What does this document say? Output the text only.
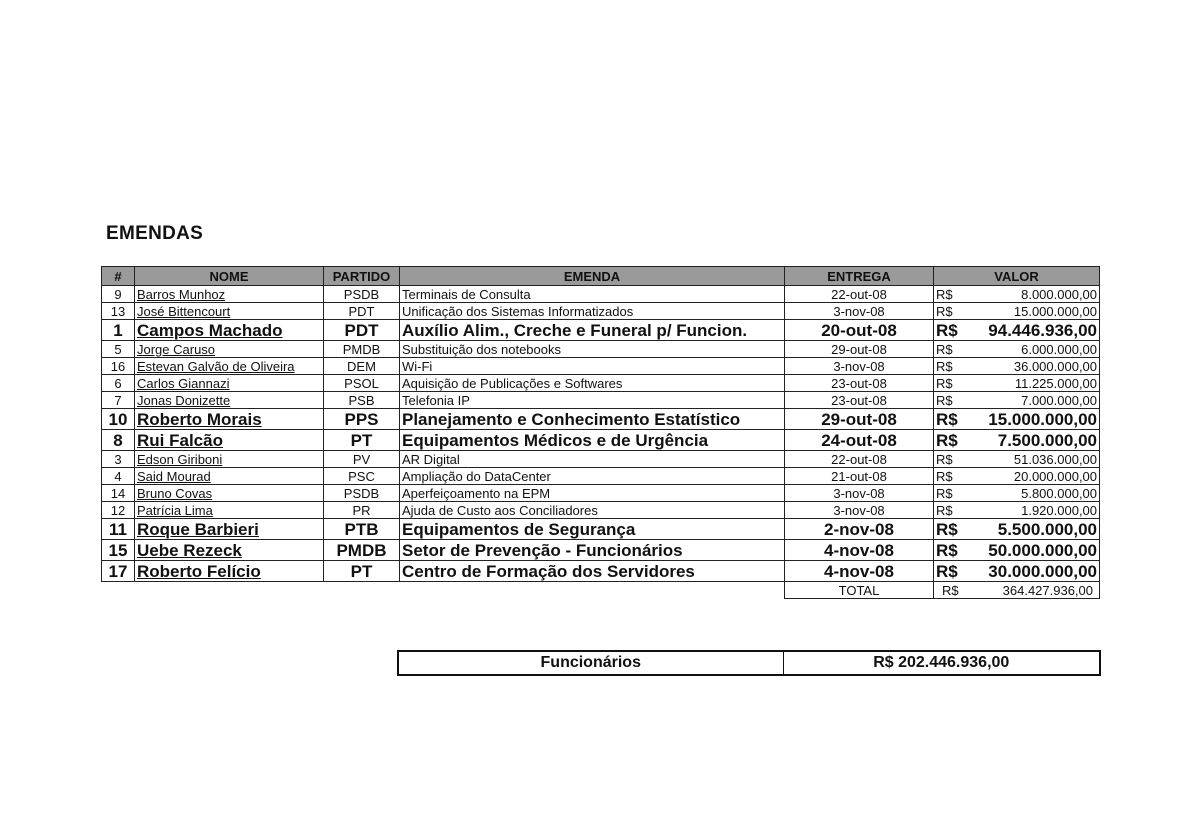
EMENDAS
#	NOME	PARTIDO	EMENDA	ENTREGA	VALOR	
9	Barros Munhoz	PSDB	Terminais de Consulta	22-out-08	R$	8.000.000,00
13	José Bittencourt	PDT	Unificação dos Sistemas Informatizados	3-nov-08	R$	15.000.000,00
1	Campos Machado	PDT	Auxílio Alim., Creche e Funeral p/ Funcion.	20-out-08	R$	94.446.936,00
5	Jorge Caruso	PMDB	Substituição dos notebooks	29-out-08	R$	6.000.000,00
16	Estevan Galvão de Oliveira	DEM	Wi-Fi	3-nov-08	R$	36.000.000,00
6	Carlos Giannazi	PSOL	Aquisição de Publicações e Softwares	23-out-08	R$	11.225.000,00
7	Jonas Donizette	PSB	Telefonia IP	23-out-08	R$	7.000.000,00
10	Roberto Morais	PPS	Planejamento e Conhecimento Estatístico	29-out-08	R$	15.000.000,00
8	Rui Falcão	PT	Equipamentos Médicos e de Urgência	24-out-08	R$	7.500.000,00
3	Edson Giriboni	PV	AR Digital	22-out-08	R$	51.036.000,00
4	Said Mourad	PSC	Ampliação do DataCenter	21-out-08	R$	20.000.000,00
14	Bruno Covas	PSDB	Aperfeiçoamento na EPM	3-nov-08	R$	5.800.000,00
12	Patrícia Lima	PR	Ajuda de Custo aos Conciliadores	3-nov-08	R$	1.920.000,00
11	Roque Barbieri	PTB	Equipamentos de Segurança	2-nov-08	R$	5.500.000,00
15	Uebe Rezeck	PMDB	Setor de Prevenção - Funcionários	4-nov-08	R$	50.000.000,00
17	Roberto Felício	PT	Centro de Formação dos Servidores	4-nov-08	R$	30.000.000,00
				TOTAL	R$	364.427.936,00
Funcionários	R$ 202.446.936,00
